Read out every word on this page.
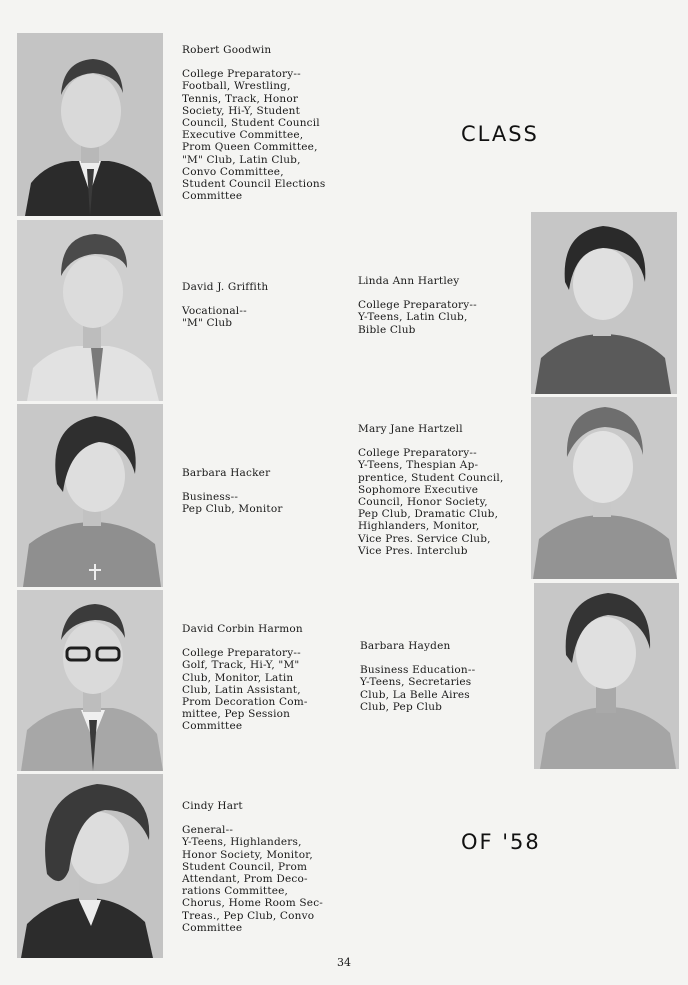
Robert Goodwin
College Preparatory--
Football, Wrestling,
Tennis, Track, Honor
Society, Hi-Y, Student
Council, Student Council
Executive Committee,
Prom Queen Committee,
"M" Club, Latin Club,
Convo Committee,
Student Council Elections
Committee
David J. Griffith
Vocational--
"M" Club
Barbara Hacker
Business--
Pep Club, Monitor
David Corbin Harmon
College Preparatory--
Golf, Track, Hi-Y, "M"
Club, Monitor, Latin
Club, Latin Assistant,
Prom Decoration Com-
mittee, Pep Session
Committee
Cindy Hart
General--
Y-Teens, Highlanders,
Honor Society, Monitor,
Student Council, Prom
Attendant, Prom Deco-
rations Committee,
Chorus, Home Room Sec-
Treas., Pep Club, Convo
Committee
Linda Ann Hartley
College Preparatory--
Y-Teens, Latin Club,
Bible Club
Mary Jane Hartzell
College Preparatory--
Y-Teens, Thespian Ap-
prentice, Student Council,
Sophomore Executive
Council, Honor Society,
Pep Club, Dramatic Club,
Highlanders, Monitor,
Vice Pres. Service Club,
Vice Pres. Interclub
Barbara Hayden
Business Education--
Y-Teens, Secretaries
Club, La Belle Aires
Club, Pep Club
CLASS
OF '58
34
